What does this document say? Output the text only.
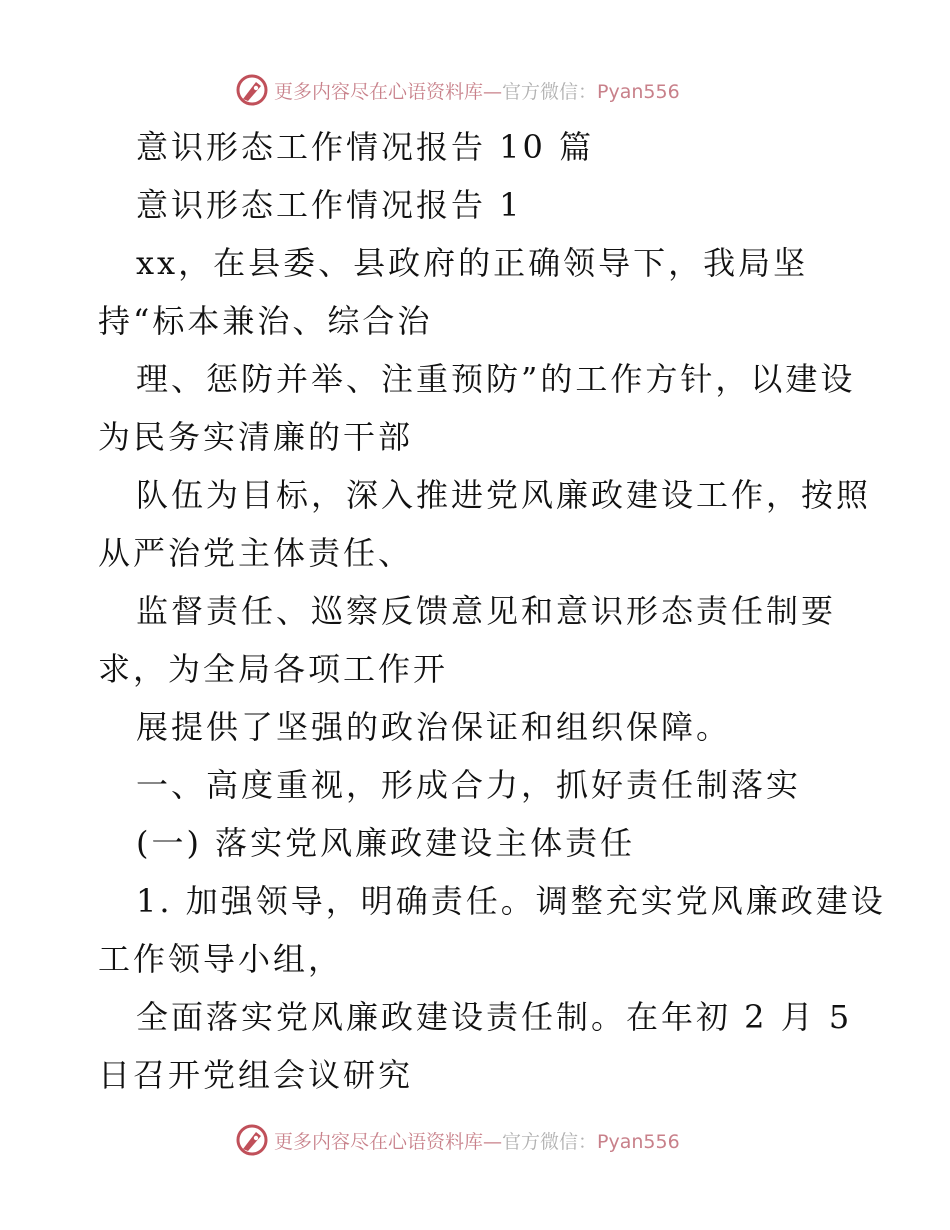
更多内容尽在心语资料库—官方微信：Pyan556
意识形态工作情况报告 10 篇
意识形态工作情况报告 1
xx，在县委、县政府的正确领导下，我局坚
持“标本兼治、综合治
理、惩防并举、注重预防”的工作方针，以建设
为民务实清廉的干部
队伍为目标，深入推进党风廉政建设工作，按照
从严治党主体责任、
监督责任、巡察反馈意见和意识形态责任制要
求，为全局各项工作开
展提供了坚强的政治保证和组织保障。
一、高度重视，形成合力，抓好责任制落实
(一) 落实党风廉政建设主体责任
1. 加强领导，明确责任。调整充实党风廉政建设
工作领导小组，
全面落实党风廉政建设责任制。在年初 2 月 5
日召开党组会议研究
更多内容尽在心语资料库—官方微信：Pyan556
